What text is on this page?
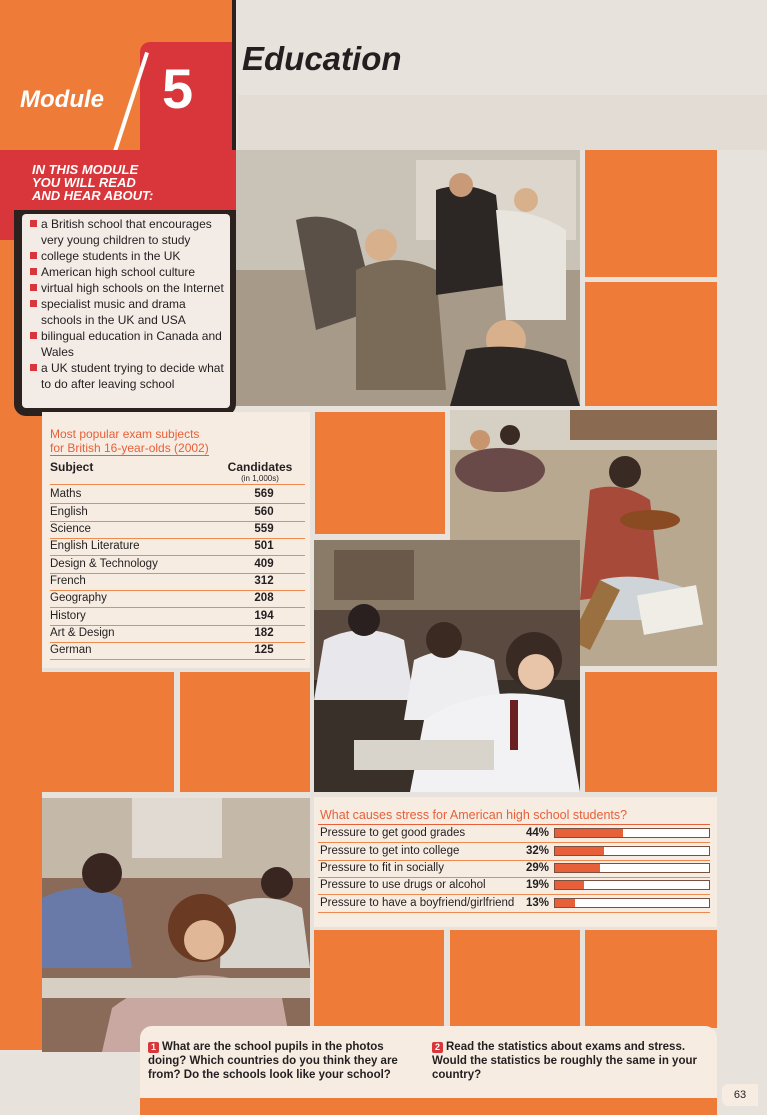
Module 5 Education
IN THIS MODULE
YOU WILL READ
AND HEAR ABOUT:
a British school that encourages very young children to study
college students in the UK
American high school culture
virtual high schools on the Internet
specialist music and drama schools in the UK and USA
bilingual education in Canada and Wales
a UK student trying to decide what to do after leaving school
Most popular exam subjects
for British 16-year-olds (2002)
Subject	Candidates
(in 1,000s)
Maths	569
English	560
Science	559
English Literature	501
Design & Technology	409
French	312
Geography	208
History	194
Art & Design	182
German	125
What causes stress for American high school students?
Pressure to get good grades	44%
Pressure to get into college	32%
Pressure to fit in socially	29%
Pressure to use drugs or alcohol	19%
Pressure to have a boyfriend/girlfriend	13%
1 What are the school pupils in the photos doing? Which countries do you think they are from? Do the schools look like your school?
2 Read the statistics about exams and stress. Would the statistics be roughly the same in your country?
63
